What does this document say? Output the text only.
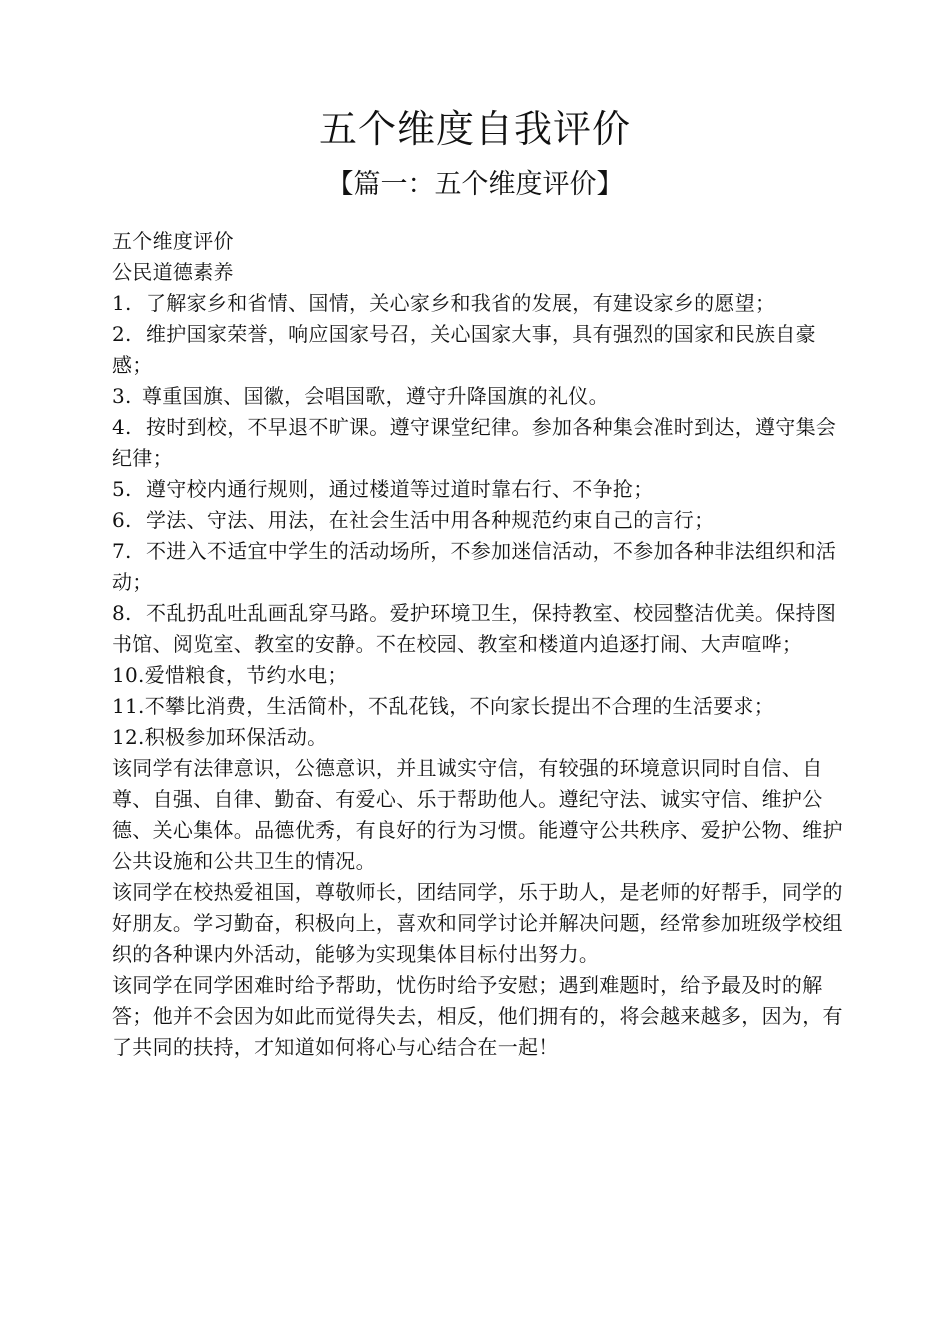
五个维度自我评价
【篇一：五个维度评价】

五个维度评价

公民道德素养

1. 了解家乡和省情、国情，关心家乡和我省的发展，有建设家乡的愿望；

2. 维护国家荣誉，响应国家号召，关心国家大事，具有强烈的国家和民族自豪感；

3. 尊重国旗、国徽，会唱国歌，遵守升降国旗的礼仪。

4. 按时到校，不早退不旷课。遵守课堂纪律。参加各种集会准时到达，遵守集会纪律；

5. 遵守校内通行规则，通过楼道等过道时靠右行、不争抢；

6. 学法、守法、用法，在社会生活中用各种规范约束自己的言行；

7. 不进入不适宜中学生的活动场所，不参加迷信活动，不参加各种非法组织和活动；

8. 不乱扔乱吐乱画乱穿马路。爱护环境卫生，保持教室、校园整洁优美。保持图书馆、阅览室、教室的安静。不在校园、教室和楼道内追逐打闹、大声喧哗；

10.爱惜粮食，节约水电；

11.不攀比消费，生活简朴，不乱花钱，不向家长提出不合理的生活要求；

12.积极参加环保活动。

该同学有法律意识，公德意识，并且诚实守信，有较强的环境意识同时自信、自尊、自强、自律、勤奋、有爱心、乐于帮助他人。遵纪守法、诚实守信、维护公德、关心集体。品德优秀，有良好的行为习惯。能遵守公共秩序、爱护公物、维护公共设施和公共卫生的情况。

该同学在校热爱祖国，尊敬师长，团结同学，乐于助人，是老师的好帮手，同学的好朋友。学习勤奋，积极向上，喜欢和同学讨论并解决问题，经常参加班级学校组织的各种课内外活动，能够为实现集体目标付出努力。

该同学在同学困难时给予帮助，忧伤时给予安慰；遇到难题时，给予最及时的解答；他并不会因为如此而觉得失去，相反，他们拥有的，将会越来越多，因为，有了共同的扶持，才知道如何将心与心结合在一起！
